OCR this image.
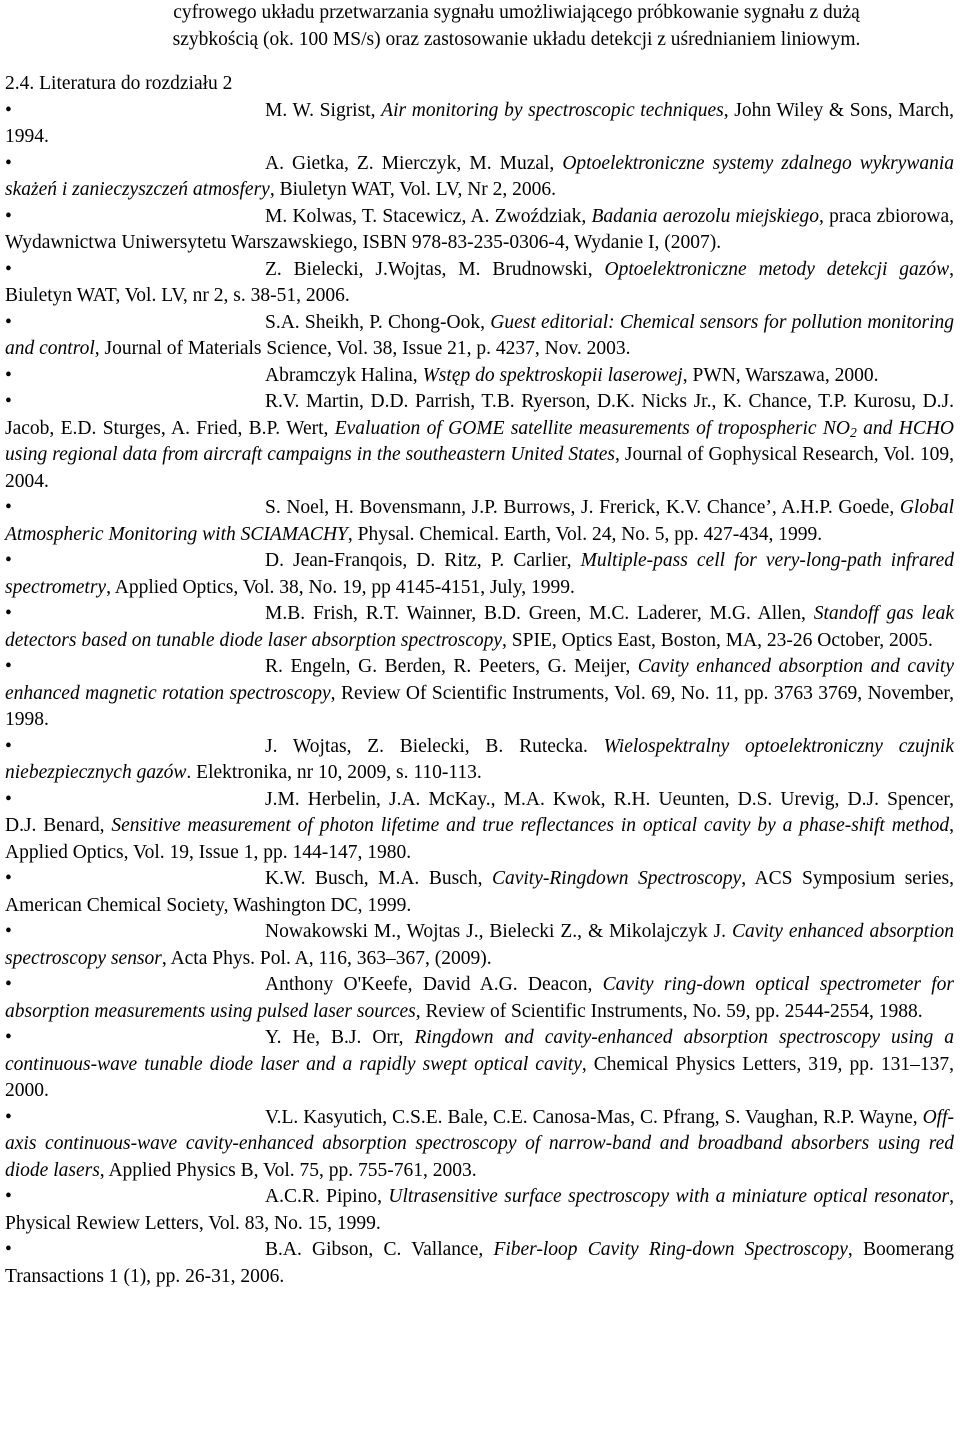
cyfrowego układu przetwarzania sygnału umożliwiającego próbkowanie sygnału z dużą
szybkością (ok. 100 MS/s) oraz zastosowanie układu detekcji z uśrednianiem liniowym.
2.4. Literatura do rozdziału 2
•	M. W. Sigrist, Air monitoring by spectroscopic techniques, John Wiley & Sons, March, 1994.
•	A. Gietka, Z. Mierczyk, M. Muzal, Optoelektroniczne systemy zdalnego wykrywania skażeń i zanieczyszczeń atmosfery, Biuletyn WAT, Vol. LV, Nr 2, 2006.
•	M. Kolwas, T. Stacewicz, A. Zwoździak, Badania aerozolu miejskiego, praca zbiorowa, Wydawnictwa Uniwersytetu Warszawskiego, ISBN 978-83-235-0306-4, Wydanie I, (2007).
•	Z. Bielecki, J.Wojtas, M. Brudnowski, Optoelektroniczne metody detekcji gazów, Biuletyn WAT, Vol. LV, nr 2, s. 38-51, 2006.
•	S.A. Sheikh, P. Chong-Ook, Guest editorial: Chemical sensors for pollution monitoring and control, Journal of Materials Science, Vol. 38, Issue 21, p. 4237, Nov. 2003.
•	Abramczyk Halina, Wstęp do spektroskopii laserowej, PWN, Warszawa, 2000.
•	R.V. Martin, D.D. Parrish, T.B. Ryerson, D.K. Nicks Jr., K. Chance, T.P. Kurosu, D.J. Jacob, E.D. Sturges, A. Fried, B.P. Wert, Evaluation of GOME satellite measurements of tropospheric $NO_2$ and HCHO using regional data from aircraft campaigns in the southeastern United States, Journal of Gophysical Research, Vol. 109, 2004.
•	S. Noel, H. Bovensmann, J.P. Burrows, J. Frerick, K.V. Chance’, A.H.P. Goede, Global Atmospheric Monitoring with SCIAMACHY, Physal. Chemical. Earth, Vol. 24, No. 5, pp. 427-434, 1999.
•	D. Jean-Franqois, D. Ritz, P. Carlier, Multiple-pass cell for very-long-path infrared spectrometry, Applied Optics, Vol. 38, No. 19, pp 4145-4151, July, 1999.
•	M.B. Frish, R.T. Wainner, B.D. Green, M.C. Laderer, M.G. Allen, Standoff gas leak detectors based on tunable diode laser absorption spectroscopy, SPIE, Optics East, Boston, MA, 23-26 October, 2005.
•	R. Engeln, G. Berden, R. Peeters, G. Meijer, Cavity enhanced absorption and cavity enhanced magnetic rotation spectroscopy, Review Of Scientific Instruments, Vol. 69, No. 11, pp. 3763 3769, November, 1998.
•	J. Wojtas, Z. Bielecki, B. Rutecka. Wielospektralny optoelektroniczny czujnik niebezpiecznych gazów. Elektronika, nr 10, 2009, s. 110-113.
•	J.M. Herbelin, J.A. McKay., M.A. Kwok, R.H. Ueunten, D.S. Urevig, D.J. Spencer, D.J. Benard, Sensitive measurement of photon lifetime and true reflectances in optical cavity by a phase-shift method, Applied Optics, Vol. 19, Issue 1, pp. 144-147, 1980.
•	K.W. Busch, M.A. Busch, Cavity-Ringdown Spectroscopy, ACS Symposium series, American Chemical Society, Washington DC, 1999.
•	Nowakowski M., Wojtas J., Bielecki Z., & Mikolajczyk J. Cavity enhanced absorption spectroscopy sensor, Acta Phys. Pol. A, 116, 363–367, (2009).
•	Anthony O'Keefe, David A.G. Deacon, Cavity ring-down optical spectrometer for absorption measurements using pulsed laser sources, Review of Scientific Instruments, No. 59, pp. 2544-2554, 1988.
•	Y. He, B.J. Orr, Ringdown and cavity-enhanced absorption spectroscopy using a continuous-wave tunable diode laser and a rapidly swept optical cavity, Chemical Physics Letters, 319, pp. 131–137, 2000.
•	V.L. Kasyutich, C.S.E. Bale, C.E. Canosa-Mas, C. Pfrang, S. Vaughan, R.P. Wayne, Off-axis continuous-wave cavity-enhanced absorption spectroscopy of narrow-band and broadband absorbers using red diode lasers, Applied Physics B, Vol. 75, pp. 755-761, 2003.
•	A.C.R. Pipino, Ultrasensitive surface spectroscopy with a miniature optical resonator, Physical Rewiew Letters, Vol. 83, No. 15, 1999.
•	B.A. Gibson, C. Vallance, Fiber-loop Cavity Ring-down Spectroscopy, Boomerang Transactions 1 (1), pp. 26-31, 2006.
